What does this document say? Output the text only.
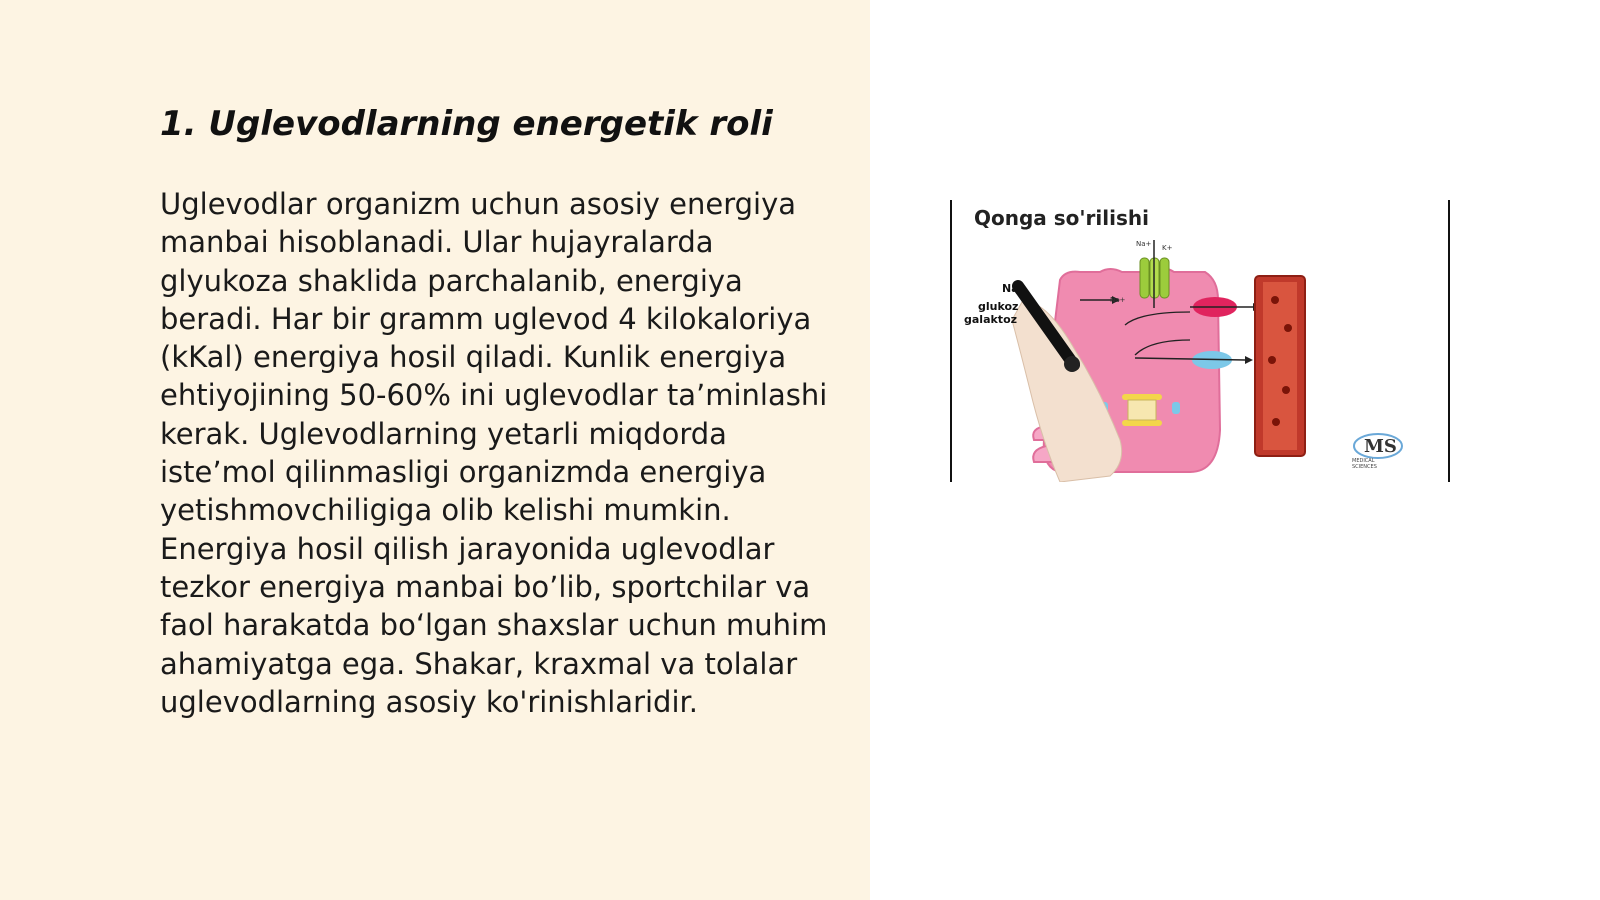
1. Uglevodlarning energetik roli

Uglevodlar organizm uchun asosiy energiya manbai hisoblanadi. Ular hujayralarda glyukoza shaklida parchalanib, energiya beradi. Har bir gramm uglevod 4 kilokaloriya (kKal) energiya hosil qiladi. Kunlik energiya ehtiyojining 50-60% ini uglevodlar ta’minlashi kerak. Uglevodlarning yetarli miqdorda iste’mol qilinmasligi organizmda energiya yetishmovchiligiga olib kelishi mumkin. Energiya hosil qilish jarayonida uglevodlar tezkor energiya manbai bo’lib, sportchilar va faol harakatda bo‘lgan shaxslar uchun muhim ahamiyatga ega. Shakar, kraxmal va tolalar uglevodlarning asosiy ko'rinishlaridir.

Qonga so'rilishi

Na
glukoz
galaktoz
Na+ K+
Na+
MS
MEDICAL
SCIENCES
